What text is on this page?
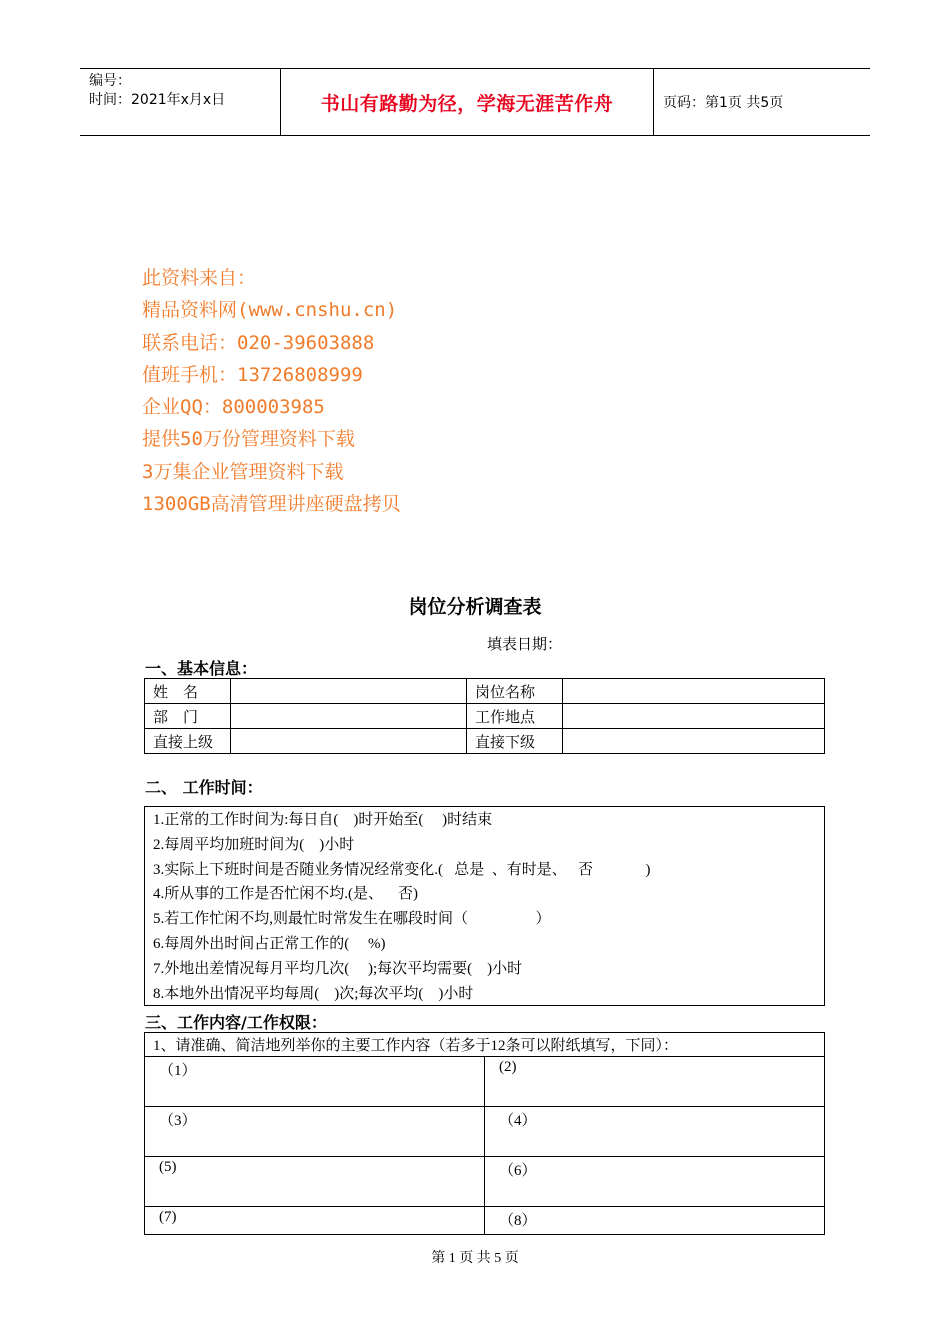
编号：
时间：2021年x月x日	书山有路勤为径，学海无涯苦作舟	页码：第1页 共5页
此资料来自：
精品资料网(www.cnshu.cn)
联系电话：020-39603888
值班手机：13726808999
企业QQ：800003985
提供50万份管理资料下载
3万集企业管理资料下载
1300GB高清管理讲座硬盘拷贝
岗位分析调查表
填表日期：
一、基本信息：
姓　名		岗位名称	
部　门		工作地点	
直接上级		直接下级	
二、 工作时间：
1.正常的工作时间为:每日自(    )时开始至(     )时结束
2.每周平均加班时间为(    )小时
3.实际上下班时间是否随业务情况经常变化.(   总是  、有时是、   否              )
4.所从事的工作是否忙闲不均.(是、    否)
5.若工作忙闲不均,则最忙时常发生在哪段时间（                  ）
6.每周外出时间占正常工作的(     %)
7.外地出差情况每月平均几次(     );每次平均需要(    )小时
8.本地外出情况平均每周(    )次;每次平均(    )小时
三、工作内容/工作权限：
1、请准确、简洁地列举你的主要工作内容（若多于12条可以附纸填写，下同）：	
（1）	(2)
（3）	（4）
(5)	（6）
(7)	（8）
第 1 页 共 5 页
